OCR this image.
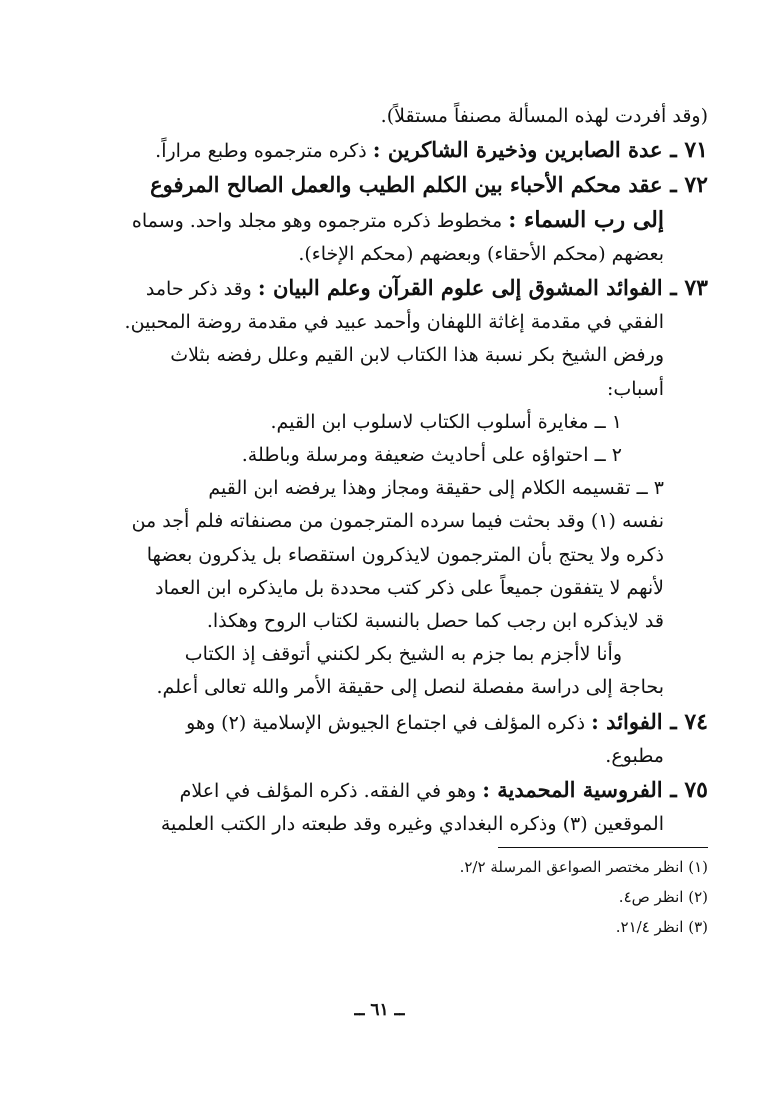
(وقد أفردت لهذه المسألة مصنفاً مستقلاً).
٧١ ـ عدة الصابرين وذخيرة الشاكرين : ذكره مترجموه وطبع مراراً.
٧٢ ـ عقد محكم الأحباء بين الكلم الطيب والعمل الصالح المرفوع
إلى رب السماء : مخطوط ذكره مترجموه وهو مجلد واحد. وسماه
بعضهم (محكم الأحقاء) وبعضهم (محكم الإخاء).
٧٣ ـ الفوائد المشوق إلى علوم القرآن وعلم البيان : وقد ذكر حامد
الفقي في مقدمة إغاثة اللهفان وأحمد عبيد في مقدمة روضة المحبين.
ورفض الشيخ بكر نسبة هذا الكتاب لابن القيم وعلل رفضه بثلاث
أسباب:
١ ــ مغايرة أسلوب الكتاب لاسلوب ابن القيم.
٢ ــ احتواؤه على أحاديث ضعيفة ومرسلة وباطلة.
٣ ــ تقسيمه الكلام إلى حقيقة ومجاز وهذا يرفضه ابن القيم
نفسه (١) وقد بحثت فيما سرده المترجمون من مصنفاته فلم أجد من
ذكره ولا يحتج بأن المترجمون لايذكرون استقصاء بل يذكرون بعضها
لأنهم لا يتفقون جميعاً على ذكر كتب محددة بل مايذكره ابن العماد
قد لايذكره ابن رجب كما حصل بالنسبة لكتاب الروح وهكذا.
وأنا لاأجزم بما جزم به الشيخ بكر لكنني أتوقف إذ الكتاب
بحاجة إلى دراسة مفصلة لنصل إلى حقيقة الأمر والله تعالى أعلم.
٧٤ ـ الفوائد : ذكره المؤلف في اجتماع الجيوش الإسلامية (٢) وهو
مطبوع.
٧٥ ـ الفروسية المحمدية : وهو في الفقه. ذكره المؤلف في اعلام
الموقعين (٣) وذكره البغدادي وغيره وقد طبعته دار الكتب العلمية
(١) انظر مختصر الصواعق المرسلة ٢/٢.
(٢) انظر ص٤.
(٣) انظر ٢١/٤.
ــ ٦١ ــ
